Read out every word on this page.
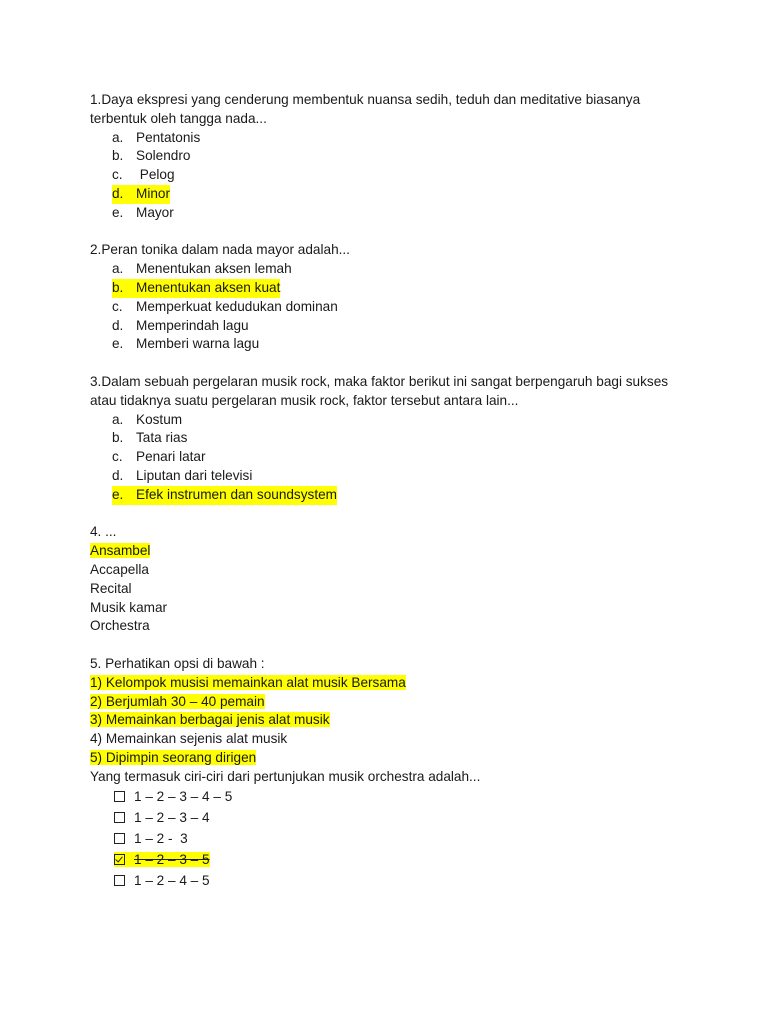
1.Daya ekspresi yang cenderung membentuk nuansa sedih, teduh dan meditative biasanya terbentuk oleh tangga nada...
a. Pentatonis
b. Solendro
c. Pelog
d. Minor
e. Mayor
2.Peran tonika dalam nada mayor adalah...
a. Menentukan aksen lemah
b. Menentukan aksen kuat
c. Memperkuat kedudukan dominan
d. Memperindah lagu
e. Memberi warna lagu
3.Dalam sebuah pergelaran musik rock, maka faktor berikut ini sangat berpengaruh bagi sukses atau tidaknya suatu pergelaran musik rock, faktor tersebut antara lain...
a. Kostum
b. Tata rias
c. Penari latar
d. Liputan dari televisi
e. Efek instrumen dan soundsystem
4. ...
Ansambel
Accapella
Recital
Musik kamar
Orchestra
5. Perhatikan opsi di bawah :
1) Kelompok musisi memainkan alat musik Bersama
2) Berjumlah 30 – 40 pemain
3) Memainkan berbagai jenis alat musik
4) Memainkan sejenis alat musik
5) Dipimpin seorang dirigen
Yang termasuk ciri-ciri dari pertunjukan musik orchestra adalah...
1 – 2 – 3 – 4 – 5
1 – 2 – 3 – 4
1 – 2 -  3
1 – 2 – 3 – 5
1 – 2 – 4 – 5
